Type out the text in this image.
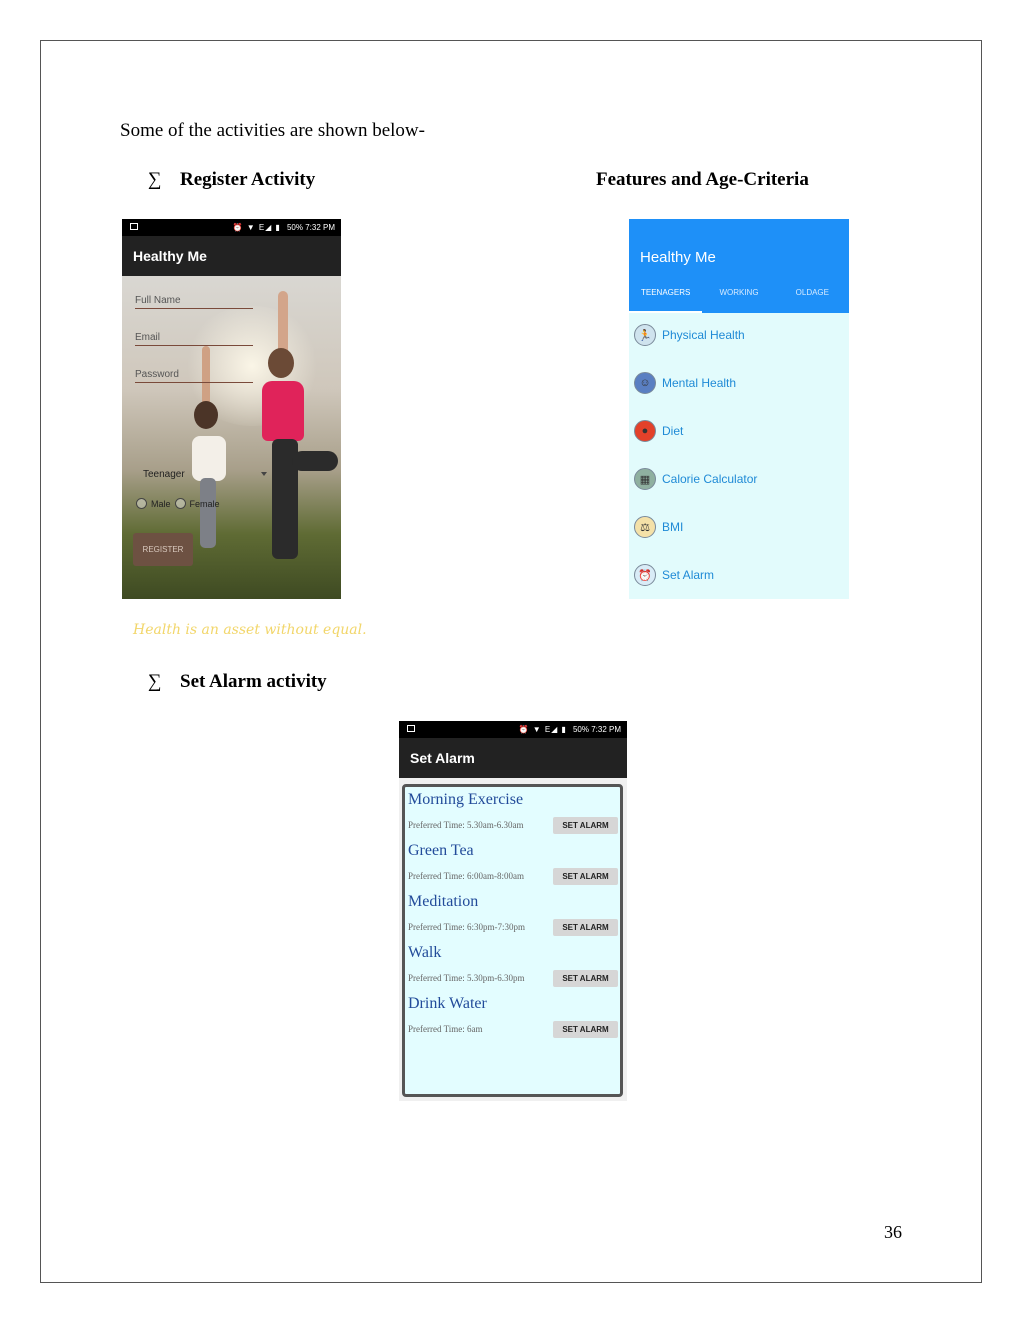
Some of the activities are shown below-
∑ Register Activity	Features and Age-Criteria
⏰ ▼ E◢ ▮ 50%
7:32 PM
Healthy Me
Full Name
Email
Password
Teenager
Male Female
REGISTER
Health is an asset without equal.

Healthy Me
TEENAGERS	WORKING	OLDAGE
🏃 Physical Health
☺ Mental Health
●	Diet
▦ Calorie Calculator
⚖	BMI
⏰ Set Alarm
∑ Set Alarm activity
⏰ ▼ E◢ ▮ 50%
7:32 PM
Set Alarm
Morning Exercise
Preferred Time: 5.30am-6.30am	SET ALARM
Green Tea
Preferred Time: 6:00am-8:00am	SET ALARM
Meditation
Preferred Time: 6:30pm-7:30pm	SET ALARM
Walk
Preferred Time: 5.30pm-6.30pm	SET ALARM
Drink Water
Preferred Time: 6am	SET ALARM
36
